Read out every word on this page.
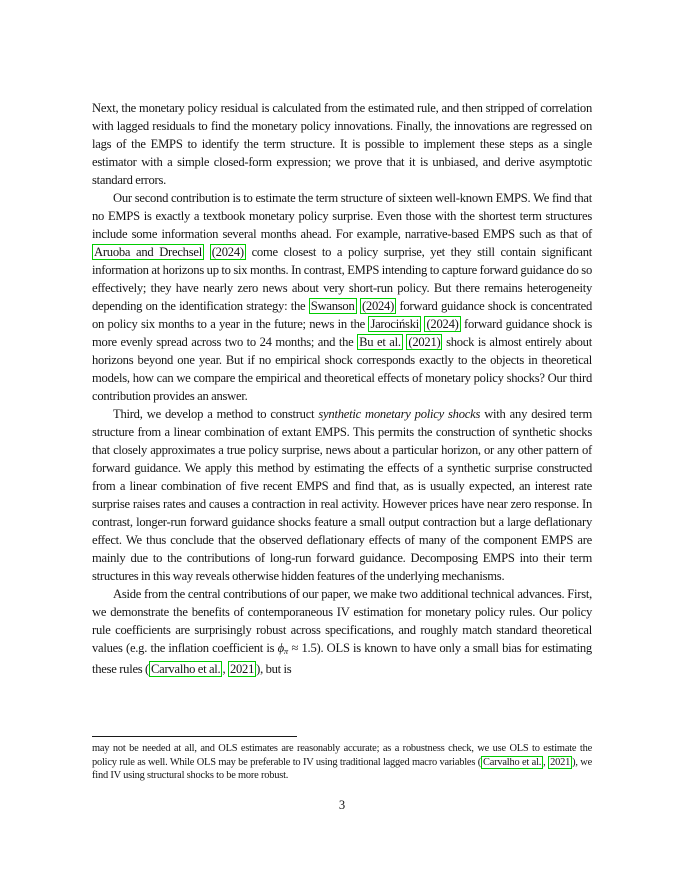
Next, the monetary policy residual is calculated from the estimated rule, and then stripped of correlation with lagged residuals to find the monetary policy innovations. Finally, the innovations are regressed on lags of the EMPS to identify the term structure. It is possible to implement these steps as a single estimator with a simple closed-form expression; we prove that it is unbiased, and derive asymptotic standard errors.

Our second contribution is to estimate the term structure of sixteen well-known EMPS. We find that no EMPS is exactly a textbook monetary policy surprise. Even those with the shortest term structures include some information several months ahead. For example, narrative-based EMPS such as that of Aruoba and Drechsel (2024) come closest to a policy surprise, yet they still contain significant information at horizons up to six months. In contrast, EMPS intending to capture forward guidance do so effectively; they have nearly zero news about very short-run policy. But there remains heterogeneity depending on the identification strategy: the Swanson (2024) forward guidance shock is concentrated on policy six months to a year in the future; news in the Jarociński (2024) forward guidance shock is more evenly spread across two to 24 months; and the Bu et al. (2021) shock is almost entirely about horizons beyond one year. But if no empirical shock corresponds exactly to the objects in theoretical models, how can we compare the empirical and theoretical effects of monetary policy shocks? Our third contribution provides an answer.

Third, we develop a method to construct synthetic monetary policy shocks with any desired term structure from a linear combination of extant EMPS. This permits the construction of synthetic shocks that closely approximates a true policy surprise, news about a particular horizon, or any other pattern of forward guidance. We apply this method by estimating the effects of a synthetic surprise constructed from a linear combination of five recent EMPS and find that, as is usually expected, an interest rate surprise raises rates and causes a contraction in real activity. However prices have near zero response. In contrast, longer-run forward guidance shocks feature a small output contraction but a large deflationary effect. We thus conclude that the observed deflationary effects of many of the component EMPS are mainly due to the contributions of long-run forward guidance. Decomposing EMPS into their term structures in this way reveals otherwise hidden features of the underlying mechanisms.

Aside from the central contributions of our paper, we make two additional technical advances. First, we demonstrate the benefits of contemporaneous IV estimation for monetary policy rules. Our policy rule coefficients are surprisingly robust across specifications, and roughly match standard theoretical values (e.g. the inflation coefficient is ϕπ ≈ 1.5). OLS is known to have only a small bias for estimating these rules ( Carvalho et al. , 2021 ), but is

may not be needed at all, and OLS estimates are reasonably accurate; as a robustness check, we use OLS to estimate the policy rule as well. While OLS may be preferable to IV using traditional lagged macro variables ( Carvalho et al. , 2021 ), we find IV using structural shocks to be more robust.

3
